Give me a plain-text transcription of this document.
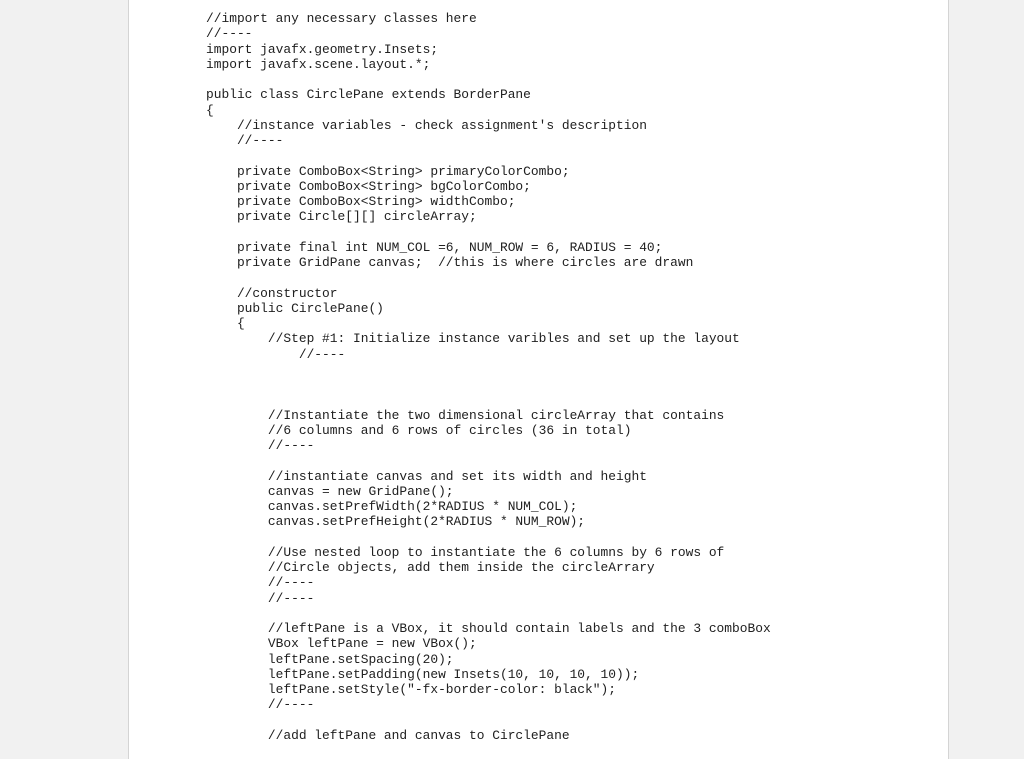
//import any necessary classes here
//----
import javafx.geometry.Insets;
import javafx.scene.layout.*;
public class CirclePane extends BorderPane
{
//instance variables - check assignment's description
//----
private ComboBox<String> primaryColorCombo;
private ComboBox<String> bgColorCombo;
private ComboBox<String> widthCombo;
private Circle[][] circleArray;
private final int NUM_COL =6, NUM_ROW = 6, RADIUS = 40;
private GridPane canvas;  //this is where circles are drawn
//constructor
public CirclePane()
{
//Step #1: Initialize instance varibles and set up the layout
//----
//Instantiate the two dimensional circleArray that contains
//6 columns and 6 rows of circles (36 in total)
//----
//instantiate canvas and set its width and height
canvas = new GridPane();
canvas.setPrefWidth(2*RADIUS * NUM_COL);
canvas.setPrefHeight(2*RADIUS * NUM_ROW);
//Use nested loop to instantiate the 6 columns by 6 rows of
//Circle objects, add them inside the circleArrary
//----
//----
//leftPane is a VBox, it should contain labels and the 3 comboBox
VBox leftPane = new VBox();
leftPane.setSpacing(20);
leftPane.setPadding(new Insets(10, 10, 10, 10));
leftPane.setStyle("-fx-border-color: black");
//----
//add leftPane and canvas to CirclePane
